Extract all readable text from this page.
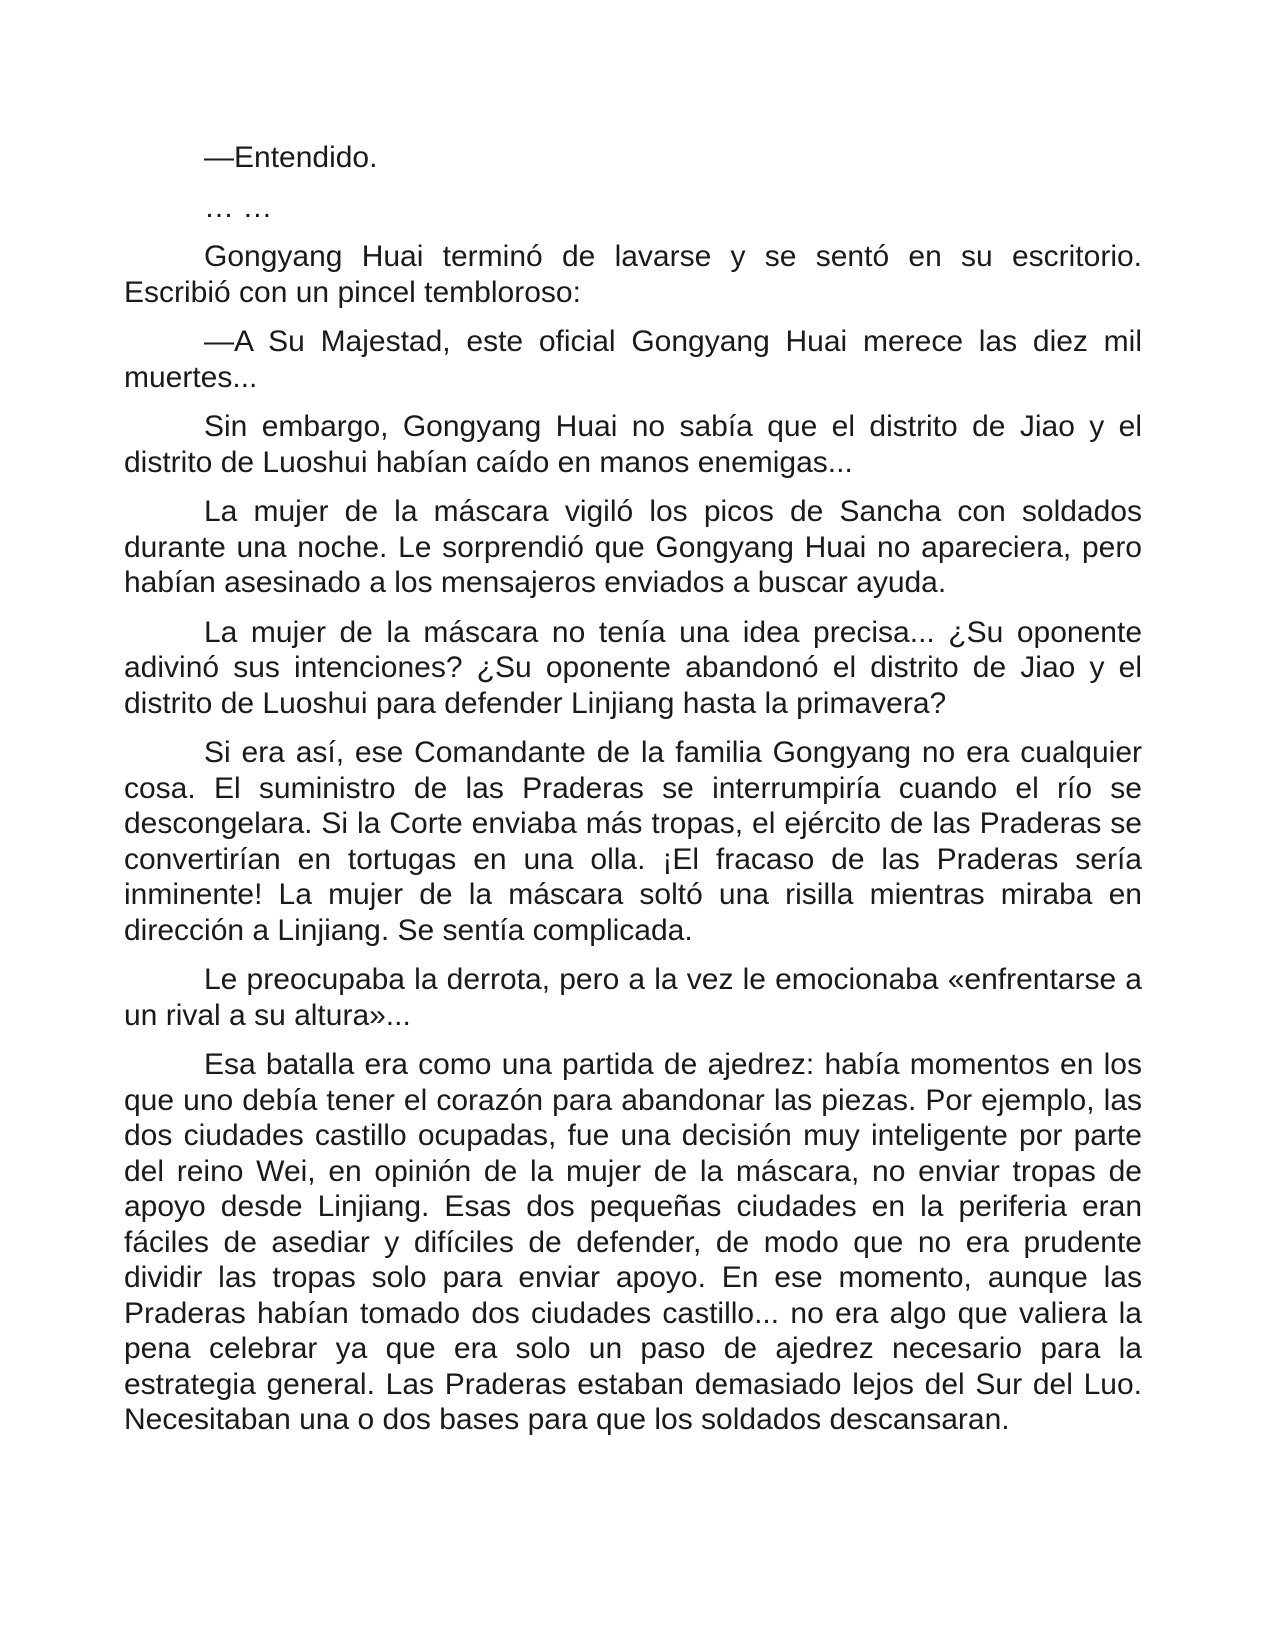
—Entendido.

… …

Gongyang Huai terminó de lavarse y se sentó en su escritorio. Escribió con un pincel tembloroso:

—A Su Majestad, este oficial Gongyang Huai merece las diez mil muertes...

Sin embargo, Gongyang Huai no sabía que el distrito de Jiao y el distrito de Luoshui habían caído en manos enemigas...

La mujer de la máscara vigiló los picos de Sancha con soldados durante una noche. Le sorprendió que Gongyang Huai no apareciera, pero habían asesinado a los mensajeros enviados a buscar ayuda.

La mujer de la máscara no tenía una idea precisa... ¿Su oponente adivinó sus intenciones? ¿Su oponente abandonó el distrito de Jiao y el distrito de Luoshui para defender Linjiang hasta la primavera?

Si era así, ese Comandante de la familia Gongyang no era cualquier cosa. El suministro de las Praderas se interrumpiría cuando el río se descongelara. Si la Corte enviaba más tropas, el ejército de las Praderas se convertirían en tortugas en una olla. ¡El fracaso de las Praderas sería inminente! La mujer de la máscara soltó una risilla mientras miraba en dirección a Linjiang. Se sentía complicada.

Le preocupaba la derrota, pero a la vez le emocionaba «enfrentarse a un rival a su altura»...

Esa batalla era como una partida de ajedrez: había momentos en los que uno debía tener el corazón para abandonar las piezas. Por ejemplo, las dos ciudades castillo ocupadas, fue una decisión muy inteligente por parte del reino Wei, en opinión de la mujer de la máscara, no enviar tropas de apoyo desde Linjiang. Esas dos pequeñas ciudades en la periferia eran fáciles de asediar y difíciles de defender, de modo que no era prudente dividir las tropas solo para enviar apoyo. En ese momento, aunque las Praderas habían tomado dos ciudades castillo... no era algo que valiera la pena celebrar ya que era solo un paso de ajedrez necesario para la estrategia general. Las Praderas estaban demasiado lejos del Sur del Luo. Necesitaban una o dos bases para que los soldados descansaran.
